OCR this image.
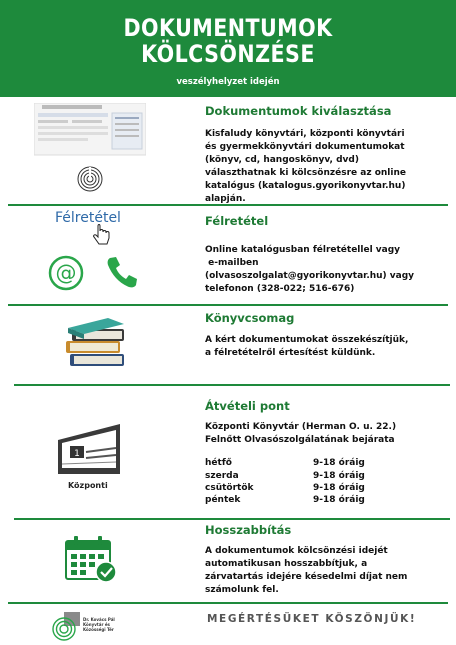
DOKUMENTUMOK
KÖLCSÖNZÉSE
veszélyhelyzet idején
Dokumentumok kiválasztása
Kisfaludy könyvtári, központi könyvtári
és gyermekkönyvtári dokumentumokat
(könyv, cd, hangoskönyv, dvd)
választhatnak ki kölcsönzésre az online
katalógus (katalogus.gyorikonyvtar.hu)
alapján.
Félretétel
@
Félretétel
Online katalógusban félretétellel vagy
e-mailben
(olvasoszolgalat@gyorikonyvtar.hu) vagy
telefonon (328-022; 516-676)
Könyvcsomag
A kért dokumentumokat összekészítjük,
a félretételről értesítést küldünk.
1
Központi
Átvételi pont
Központi Könyvtár (Herman O. u. 22.)
Felnőtt Olvasószolgálatának bejárata
hétfő	9-18 óráig
szerda	9-18 óráig
csütörtök	9-18 óráig
péntek	9-18 óráig
Hosszabbítás
A dokumentumok kölcsönzési idejét
automatikusan hosszabbítjuk, a
zárvatartás idejére késedelmi díjat nem
számolunk fel.
Dr. Kovács Pál
Könyvtár és
Közösségi Tér
MEGÉRTÉSÜKET KÖSZÖNJÜK!
